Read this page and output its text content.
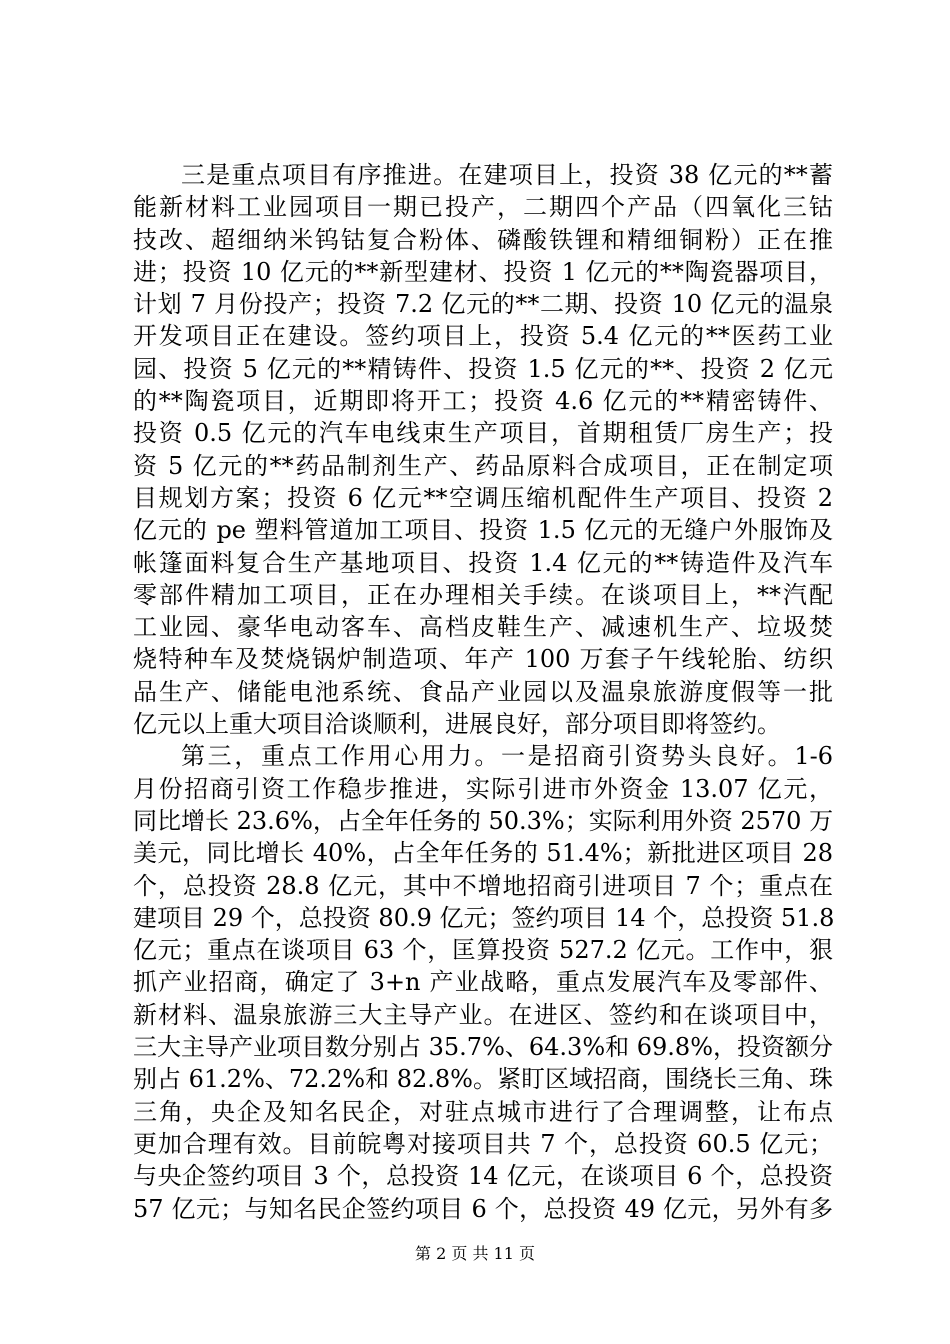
三是重点项目有序推进。在建项目上，投资 38 亿元的**蓄
能新材料工业园项目一期已投产，二期四个产品（四氧化三钴
技改、超细纳米钨钴复合粉体、磷酸铁锂和精细铜粉）正在推
进；投资 10 亿元的**新型建材、投资 1 亿元的**陶瓷器项目，
计划 7 月份投产；投资 7.2 亿元的**二期、投资 10 亿元的温泉
开发项目正在建设。签约项目上，投资 5.4 亿元的**医药工业
园、投资 5 亿元的**精铸件、投资 1.5 亿元的**、投资 2 亿元
的**陶瓷项目，近期即将开工；投资 4.6 亿元的**精密铸件、
投资 0.5 亿元的汽车电线束生产项目，首期租赁厂房生产；投
资 5 亿元的**药品制剂生产、药品原料合成项目，正在制定项
目规划方案；投资 6 亿元**空调压缩机配件生产项目、投资 2
亿元的 pe 塑料管道加工项目、投资 1.5 亿元的无缝户外服饰及
帐篷面料复合生产基地项目、投资 1.4 亿元的**铸造件及汽车
零部件精加工项目，正在办理相关手续。在谈项目上，**汽配
工业园、豪华电动客车、高档皮鞋生产、减速机生产、垃圾焚
烧特种车及焚烧锅炉制造项、年产 100 万套子午线轮胎、纺织
品生产、储能电池系统、食品产业园以及温泉旅游度假等一批
亿元以上重大项目洽谈顺利，进展良好，部分项目即将签约。
第三，重点工作用心用力。一是招商引资势头良好。1-6
月份招商引资工作稳步推进，实际引进市外资金 13.07 亿元，
同比增长 23.6%，占全年任务的 50.3%；实际利用外资 2570 万
美元，同比增长 40%，占全年任务的 51.4%；新批进区项目 28
个，总投资 28.8 亿元，其中不增地招商引进项目 7 个；重点在
建项目 29 个，总投资 80.9 亿元；签约项目 14 个，总投资 51.8
亿元；重点在谈项目 63 个，匡算投资 527.2 亿元。工作中，狠
抓产业招商，确定了 3+n 产业战略，重点发展汽车及零部件、
新材料、温泉旅游三大主导产业。在进区、签约和在谈项目中，
三大主导产业项目数分别占 35.7%、64.3%和 69.8%，投资额分
别占 61.2%、72.2%和 82.8%。紧盯区域招商，围绕长三角、珠
三角，央企及知名民企，对驻点城市进行了合理调整，让布点
更加合理有效。目前皖粤对接项目共 7 个，总投资 60.5 亿元；
与央企签约项目 3 个，总投资 14 亿元，在谈项目 6 个，总投资
57 亿元；与知名民企签约项目 6 个，总投资 49 亿元，另外有多
第 2 页 共 11 页
